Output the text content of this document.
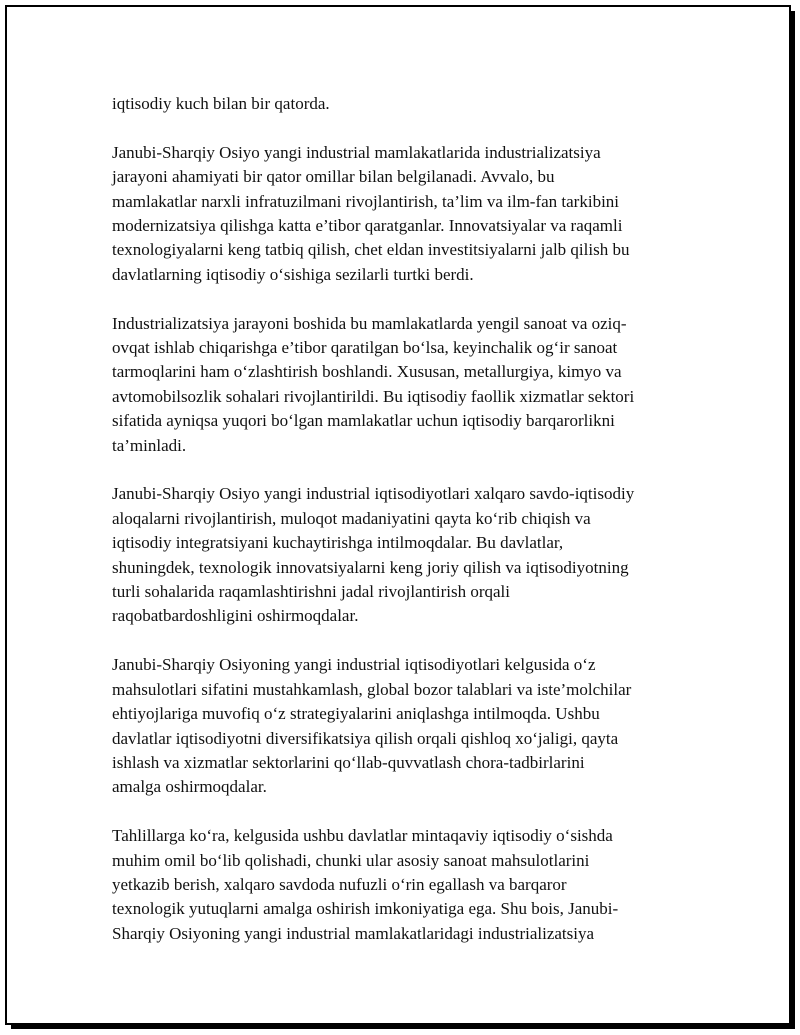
iqtisodiy kuch bilan bir qatorda.

Janubi-Sharqiy Osiyo yangi industrial mamlakatlarida industrializatsiya
jarayoni ahamiyati bir qator omillar bilan belgilanadi. Avvalo, bu
mamlakatlar narxli infratuzilmani rivojlantirish, ta’lim va ilm-fan tarkibini
modernizatsiya qilishga katta e’tibor qaratganlar. Innovatsiyalar va raqamli
texnologiyalarni keng tatbiq qilish, chet eldan investitsiyalarni jalb qilish bu
davlatlarning iqtisodiy o‘sishiga sezilarli turtki berdi.

Industrializatsiya jarayoni boshida bu mamlakatlarda yengil sanoat va oziq-
ovqat ishlab chiqarishga e’tibor qaratilgan bo‘lsa, keyinchalik og‘ir sanoat
tarmoqlarini ham o‘zlashtirish boshlandi. Xususan, metallurgiya, kimyo va
avtomobilsozlik sohalari rivojlantirildi. Bu iqtisodiy faollik xizmatlar sektori
sifatida ayniqsa yuqori bo‘lgan mamlakatlar uchun iqtisodiy barqarorlikni
ta’minladi.

Janubi-Sharqiy Osiyo yangi industrial iqtisodiyotlari xalqaro savdo-iqtisodiy
aloqalarni rivojlantirish, muloqot madaniyatini qayta ko‘rib chiqish va
iqtisodiy integratsiyani kuchaytirishga intilmoqdalar. Bu davlatlar,
shuningdek, texnologik innovatsiyalarni keng joriy qilish va iqtisodiyotning
turli sohalarida raqamlashtirishni jadal rivojlantirish orqali
raqobatbardoshligini oshirmoqdalar.

Janubi-Sharqiy Osiyoning yangi industrial iqtisodiyotlari kelgusida o‘z
mahsulotlari sifatini mustahkamlash, global bozor talablari va iste’molchilar
ehtiyojlariga muvofiq o‘z strategiyalarini aniqlashga intilmoqda. Ushbu
davlatlar iqtisodiyotni diversifikatsiya qilish orqali qishloq xo‘jaligi, qayta
ishlash va xizmatlar sektorlarini qo‘llab-quvvatlash chora-tadbirlarini
amalga oshirmoqdalar.

Tahlillarga ko‘ra, kelgusida ushbu davlatlar mintaqaviy iqtisodiy o‘sishda
muhim omil bo‘lib qolishadi, chunki ular asosiy sanoat mahsulotlarini
yetkazib berish, xalqaro savdoda nufuzli o‘rin egallash va barqaror
texnologik yutuqlarni amalga oshirish imkoniyatiga ega. Shu bois, Janubi-
Sharqiy Osiyoning yangi industrial mamlakatlaridagi industrializatsiya
